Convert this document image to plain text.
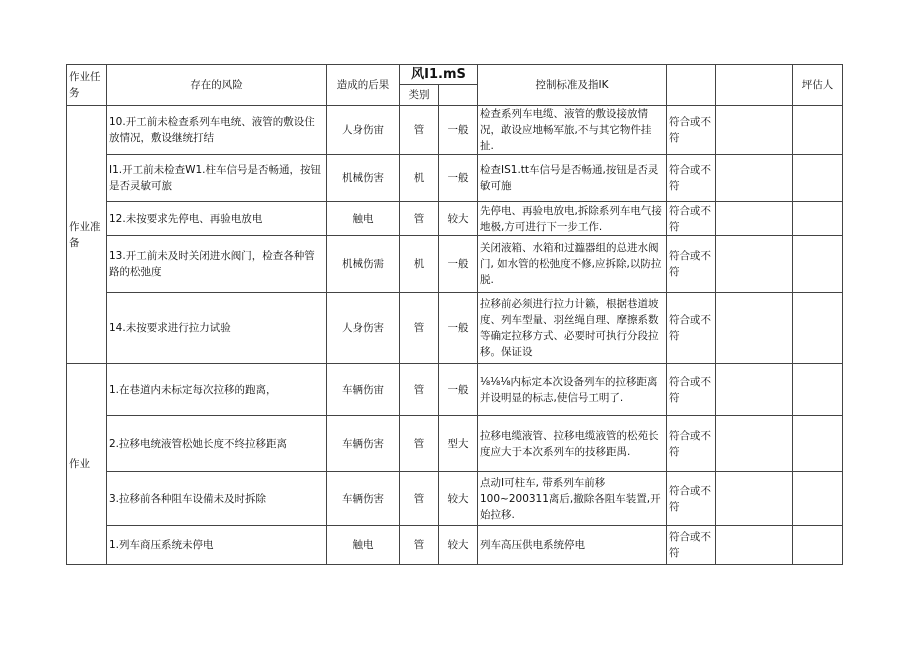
作业任务	存在的风险	造成的后果	风I1.mS		控制标准及指IK			坪估人
			类别					
作业准备	10.开工前未检查系列车电统、液管的敷设住放情况，敷设继统打结	人身伤宙	管	一般	检查系列车电缆、液管的敷设接放情况，敢设应地畅军旅,不与其它物件挂扯.	符合或不符		
	I1.开工前未检查W1.柱车信号是否畅通，按钮是否灵敏可旅	机械伤害	机	一般	检查IS1.tt车信号是否畅通,按钮是否灵敏可施	符合或不符		
	12.未按要求先停电、再验电放电	触电	管	较大	先停电、再验电放电,拆除系列车电气接地极,方可进行下一步工作.	符合或不符		
	13.开工前未及时关闭进水阀门，检查各种管路的松弛度	机械伤需	机	一般	关闭液箱、水箱和过瀶器组的总进水阀门, 如水管的松弛度不修,应拆除,以防拉脱.	符合或不符		
	14.未按要求进行拉力试验	人身伤害	管	一般	拉移前必须进行拉力计籁，根据巷道坡度、列车型量、羽丝绳自理、摩擦系数等确定拉移方式、必要时可执行分段拉移。保证设	符合或不符		
作业	1.在巷道内未标定每次拉移的跑离，	车辆伤宙	管	一般	⅛⅛⅛内标定本次设备列车的拉移距离并设明显的标志,使信号工明了.	符合或不符		
	2.拉移电统液管松她长度不终拉移距离	车辆伤害	管	型大	拉移电缆液管、拉移电缆液管的松苑长度应大于本次系列车的技移距禺.	符合或不符		
	3.拉移前各种阻车设備未及时拆除	车辆伤害	管	较大	点动I可柱车, 带系列车前移100~200311离后,撤除各阻车装置,开始拉移.	符合或不符		
	1.列车商压系统未停电	触电	管	较大	列车高压供电系统停电	符合或不符		
